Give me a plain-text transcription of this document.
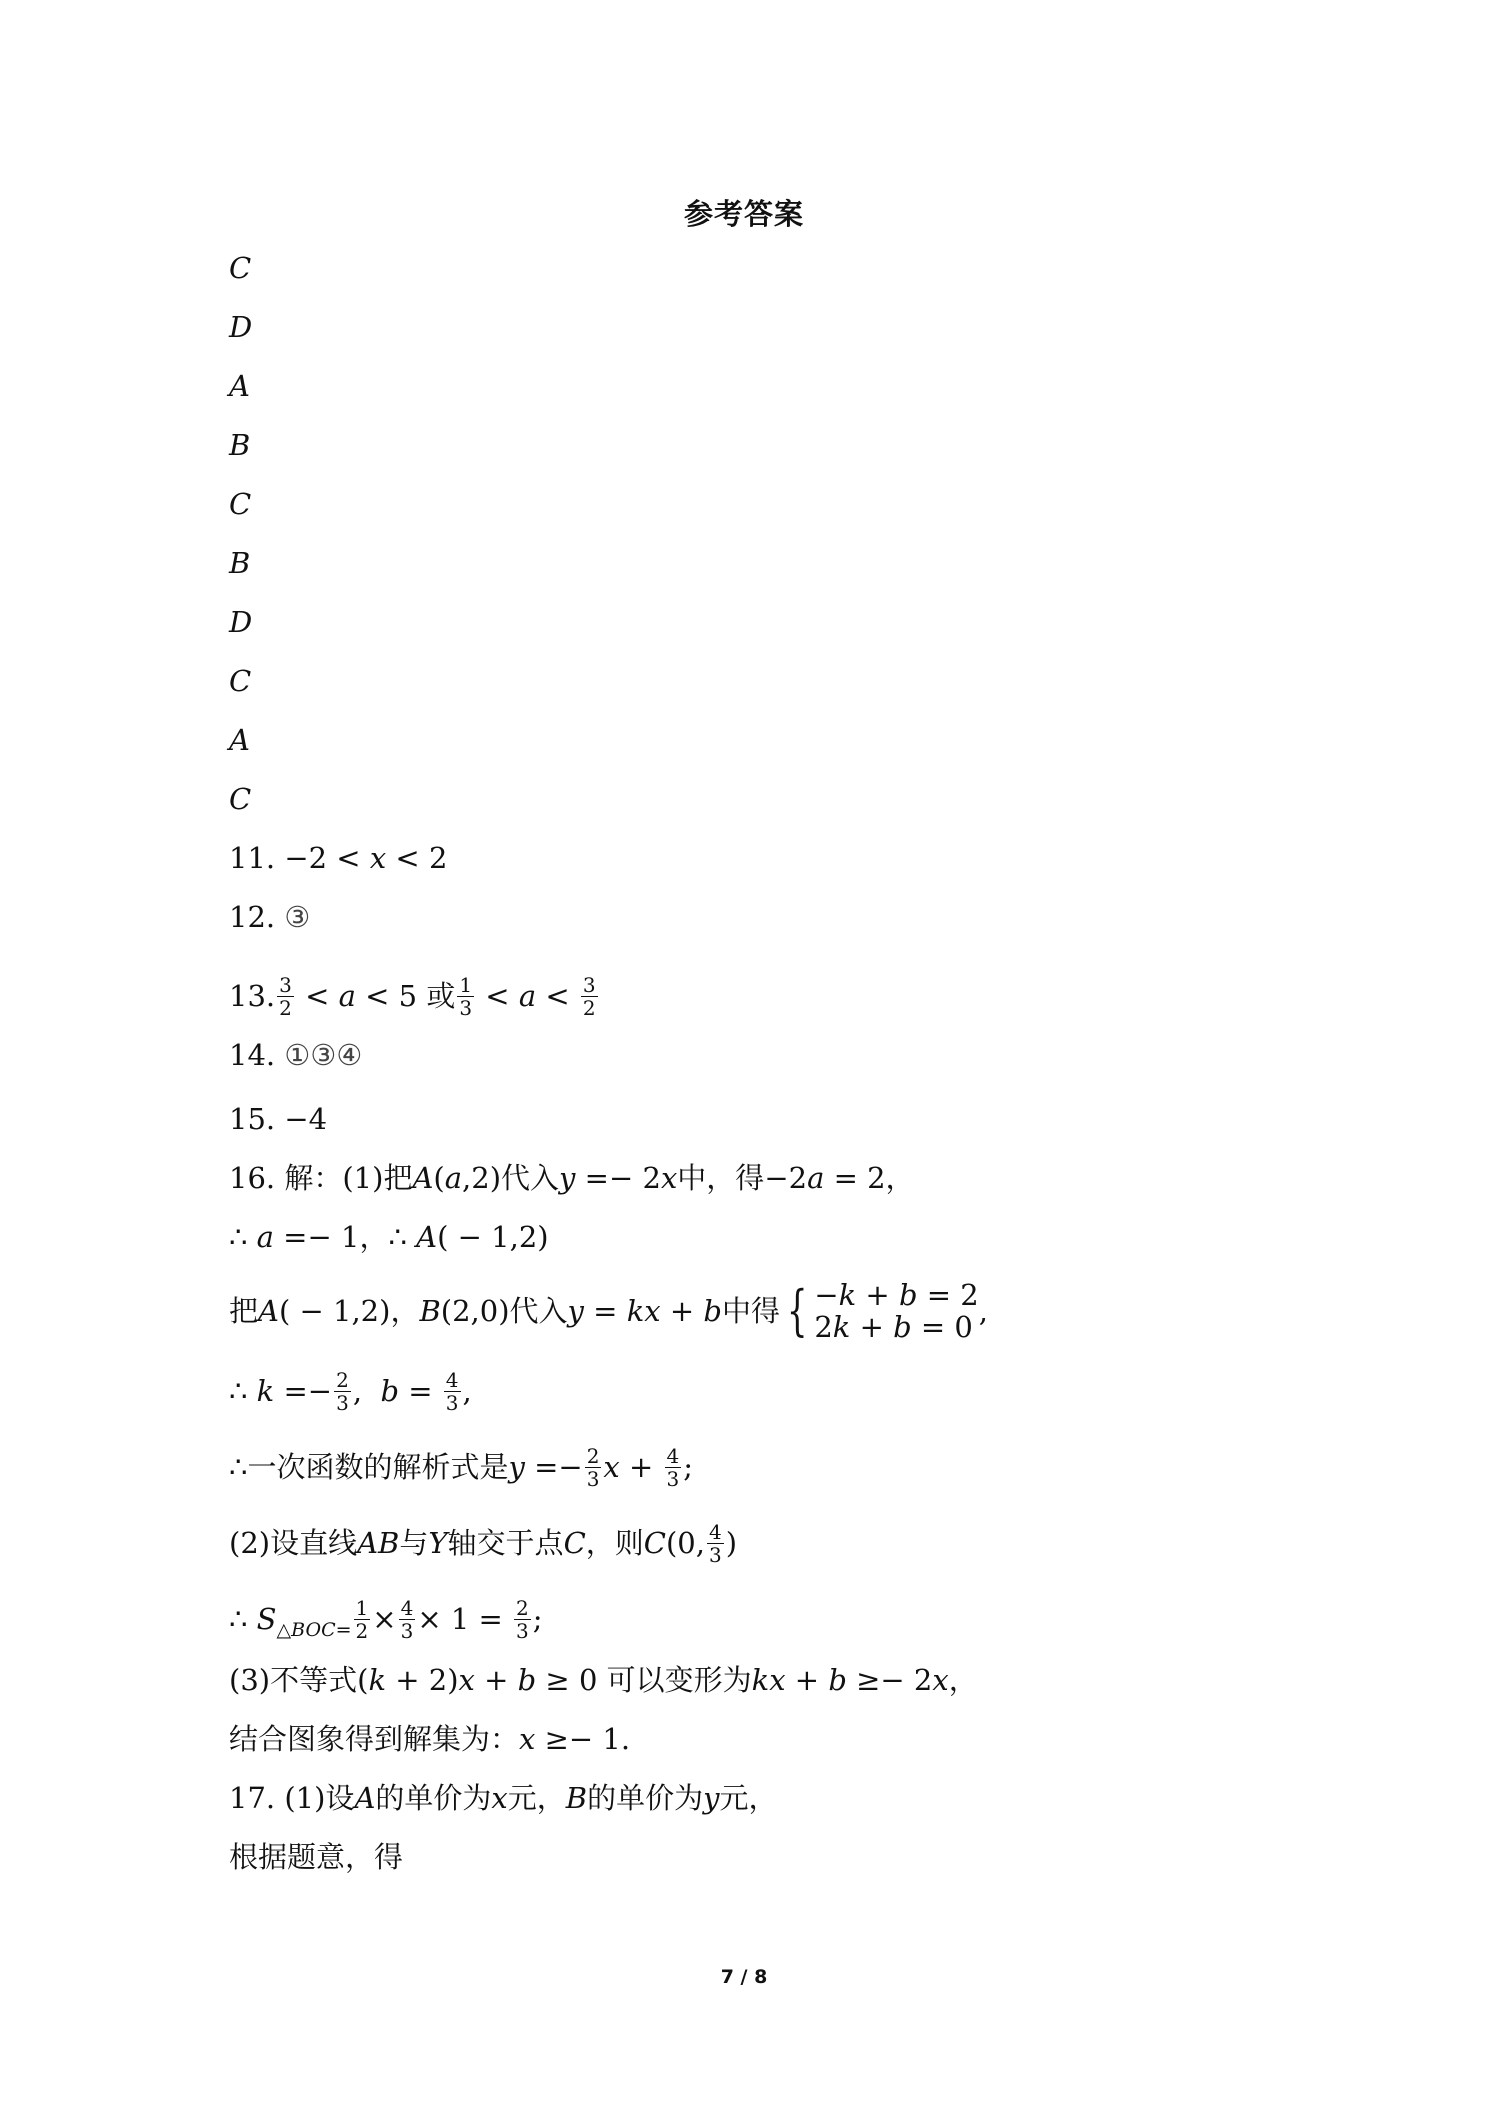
参考答案
C
D
A
B
C
B
D
C
A
C
11. −2 < x < 2
12. ③
13. $\frac{3}{2} < a < 5$ 或 $\frac{1}{3} < a < \frac{3}{2}$
14. ①③④
15. −4
16. 解：(1)把A(a,2)代入y =− 2x中，得−2a = 2，
∴ a =− 1，∴ A( − 1,2)
把A( − 1,2)，B(2,0)代入y = kx + b中得 { −k + b = 2
2k + b = 0 ,
∴ $k =- \frac{2}{3}$ ,  $b = \frac{4}{3}$ ,
∴一次函数的解析式是$y =- \frac{2}{3}$ $x + \frac{4}{3}$ ;
(2)设直线AB与Y轴交于点C，则C(0, $\frac{4}{3}$ )
∴ $S_{\triangle BOC=} \frac{1}{2} \times \frac{4}{3} \times 1 = \frac{2}{3}$ ;
(3)不等式(k + 2)x + b ≥ 0 可以变形为kx + b ≥− 2x，
结合图象得到解集为：x ≥− 1.
17. (1)设A的单价为x元，B的单价为y元，
根据题意，得
7 / 8
